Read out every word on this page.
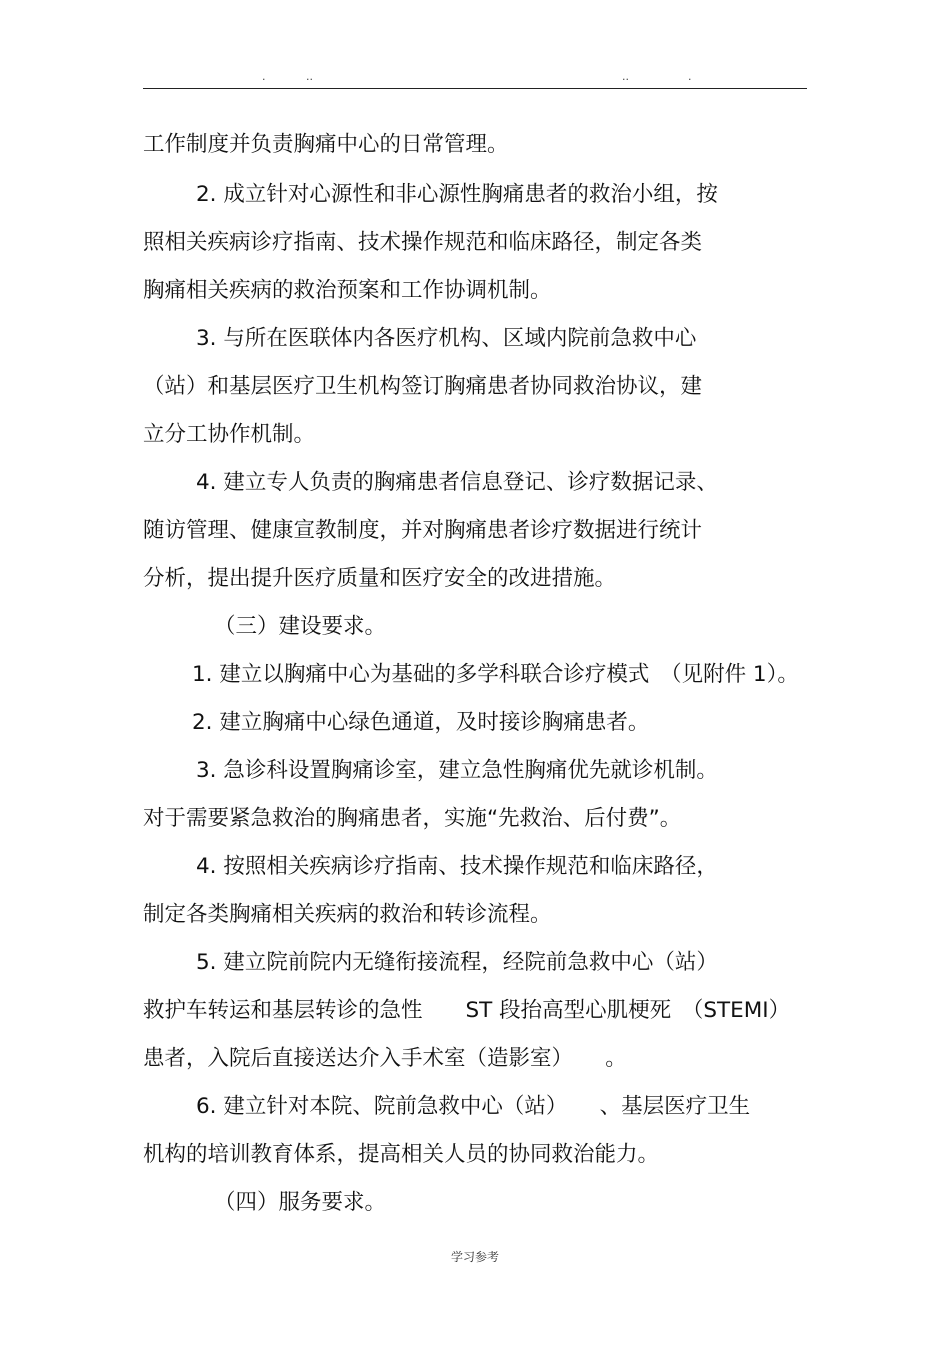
.	..	..	.
工作制度并负责胸痛中心的日常管理。
2. 成立针对心源性和非心源性胸痛患者的救治小组，按
照相关疾病诊疗指南、技术操作规范和临床路径，制定各类
胸痛相关疾病的救治预案和工作协调机制。
3. 与所在医联体内各医疗机构、区域内院前急救中心
（站）和基层医疗卫生机构签订胸痛患者协同救治协议，建
立分工协作机制。
4. 建立专人负责的胸痛患者信息登记、诊疗数据记录、
随访管理、健康宣教制度，并对胸痛患者诊疗数据进行统计
分析，提出提升医疗质量和医疗安全的改进措施。
（三）建设要求。
1. 建立以胸痛中心为基础的多学科联合诊疗模式　（见附件 1）。
2. 建立胸痛中心绿色通道，及时接诊胸痛患者。
3. 急诊科设置胸痛诊室，建立急性胸痛优先就诊机制。
对于需要紧急救治的胸痛患者，实施“先救治、后付费”。
4. 按照相关疾病诊疗指南、技术操作规范和临床路径，
制定各类胸痛相关疾病的救治和转诊流程。
5. 建立院前院内无缝衔接流程，经院前急救中心（站）
救护车转运和基层转诊的急性　　ST 段抬高型心肌梗死　（STEMI）
患者，入院后直接送达介入手术室（造影室）　　。
6. 建立针对本院、院前急救中心（站）　　、基层医疗卫生
机构的培训教育体系，提高相关人员的协同救治能力。
（四）服务要求。
学习参考
